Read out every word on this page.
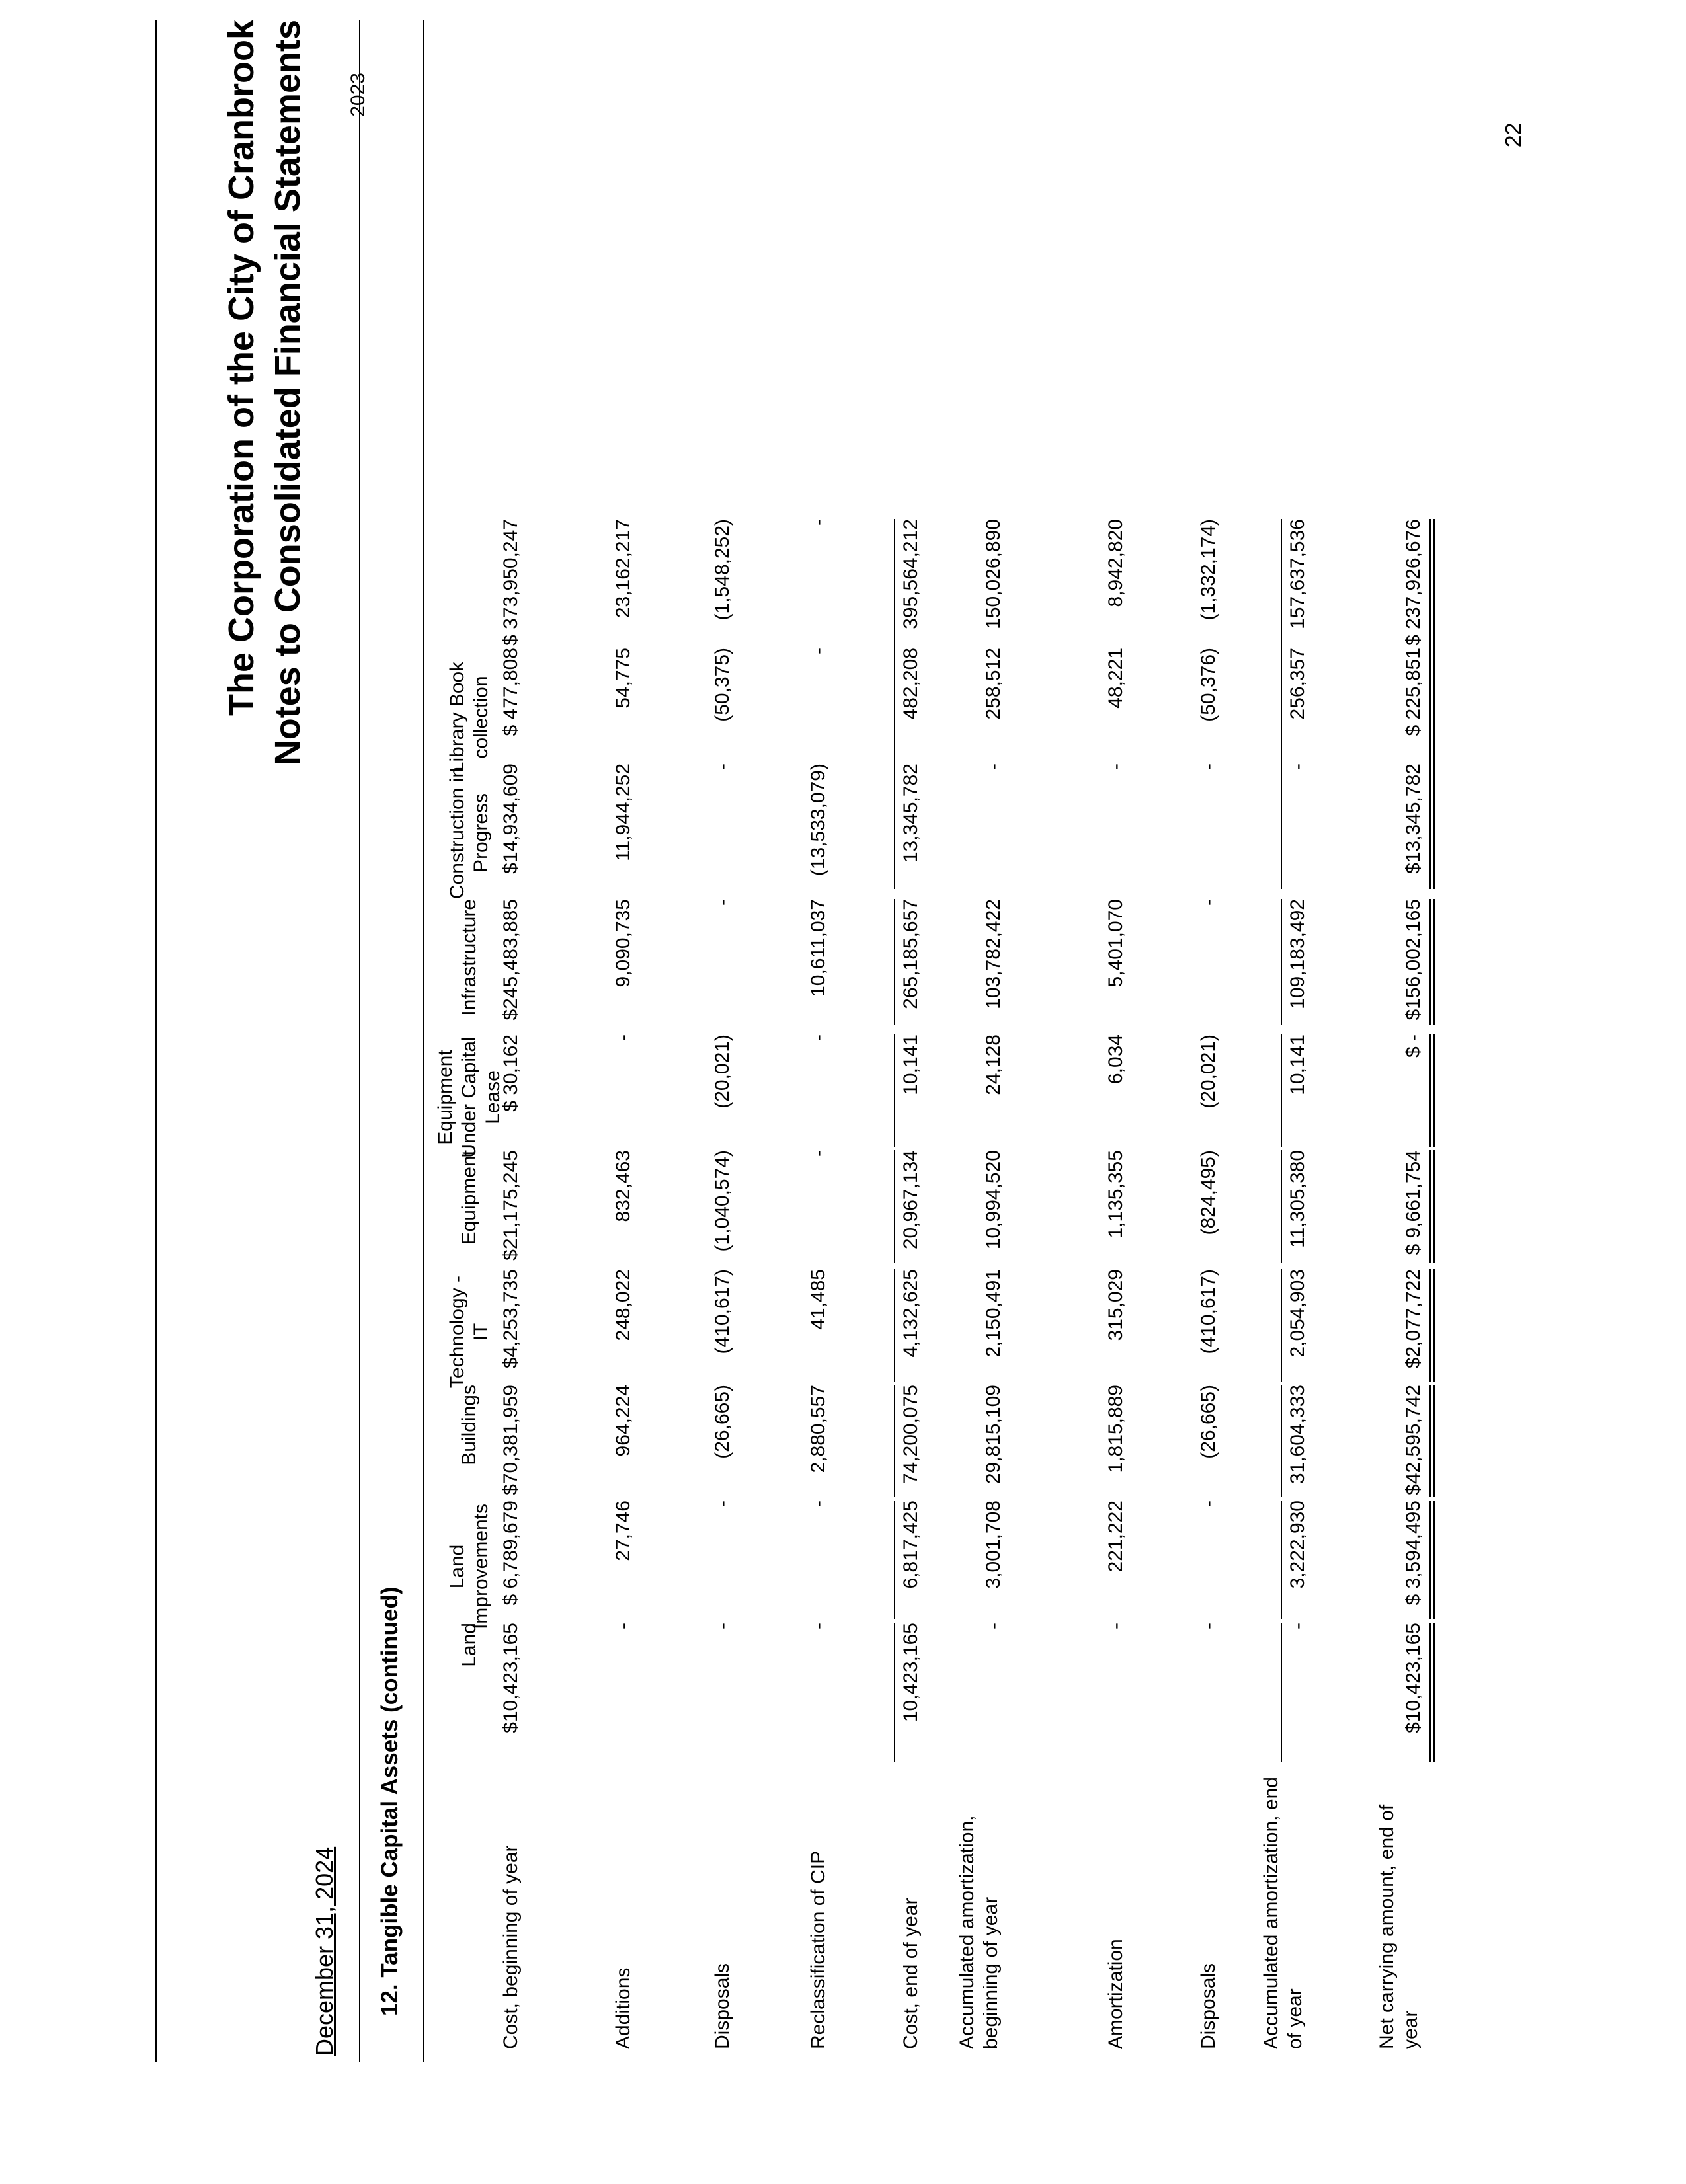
22
The Corporation of the City of Cranbrook Notes to Consolidated Financial Statements
December 31, 2024 12. Tangible Capital Assets (continued)
2023
Land
Land Improvements
Buildings
Technology - IT
Equipment
Equipment Under Capital Lease
Infrastructure
Construction in Progress
Library Book collection
Cost, beginning of year
$10,423,165
$ 6,789,679
$70,381,959
$4,253,735
$21,175,245
$ 30,162
$245,483,885
$14,934,609
$ 477,808
$ 373,950,247
Additions
-
27,746
964,224
248,022
832,463
-
9,090,735
11,944,252
54,775
23,162,217
Disposals
-
-
(26,665)
(410,617)
(1,040,574)
(20,021)
-
-
(50,375)
(1,548,252)
Reclassification of CIP
-
-
2,880,557
41,485
-
-
10,611,037
(13,533,079)
-
-
Cost, end of year
10,423,165
6,817,425
74,200,075
4,132,625
20,967,134
10,141
265,185,657
13,345,782
482,208
395,564,212
Accumulated amortization, beginning of year
-
3,001,708
29,815,109
2,150,491
10,994,520
24,128
103,782,422
-
258,512
150,026,890
Amortization
-
221,222
1,815,889
315,029
1,135,355
6,034
5,401,070
-
48,221
8,942,820
Disposals
-
-
(26,665)
(410,617)
(824,495)
(20,021)
-
-
(50,376)
(1,332,174)
Accumulated amortization, end of year
-
3,222,930
31,604,333
2,054,903
11,305,380
10,141
109,183,492
-
256,357
157,637,536
Net carrying amount, end of year
$10,423,165
$ 3,594,495
$42,595,742
$2,077,722
$ 9,661,754
$ -
$156,002,165
$13,345,782
$ 225,851
$ 237,926,676
